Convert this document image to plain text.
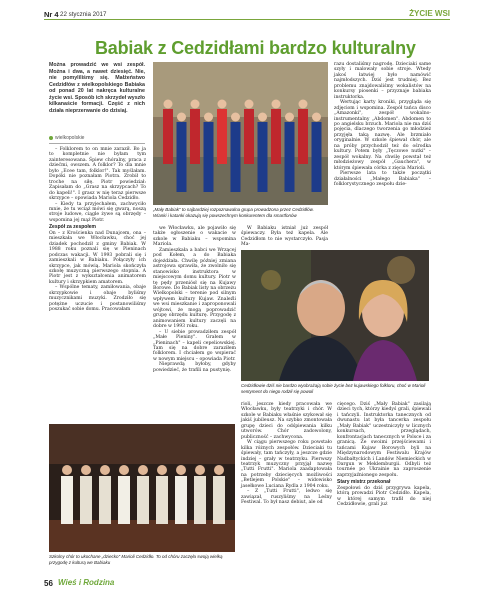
Nr 4 22 stycznia 2017	ŻYCIE WSI
Babiak z Cedzidłami bardzo kulturalny
Można prowadzić we wsi zespół. Można i dwa, a nawet dziesięć. Nie, nie pomyliliśmy się. Małżeństwo Cedzidłów z wielkopolskiego Babiaka od ponad 20 lat nakręca kulturalne życie wsi. Sposób ich skrzydeł wyszło kilkanaście formacji. Część z nich działa nieprzerwanie do dzisiaj.
wielkopolskie

– Folklorem to on mnie zaraził. Bo ja to kompletnie nie byłam tym zainteresowana. Śpiew chóralny, praca z dziećmi, owszem. A folklor? To dla mnie było „Ecee tam, folklor!". Tak myślałam. Dopóki nie poznałam Piotra. Zrobił to troche na siłę. Piotr powiedział: Zapisałam do „Grasz na skrzypcach? To do kapeli!". I grasz w nię teraz pierwsze skrzypce – opowiada Mariola Cedzidło.

– Kiedy ta przyjechałem, zachwyciło mnie, że tu wciąż mówi się gwarą, noszą stroje ludowe, ciągle żywe są obrzędy – wspomina jej mąż Piotr.

Zespół za zespołem

On – z Krościenka nad Dunajcem, ona – mieszkała we Włocławku, choć jej dziadek pochodził z gminy Babiak. W 1988 roku poznali się w Pieninach podczas wakacji. W 1993 pobrali się i zamieszkali w Babiaku. Połączyły ich skrzypce, jak mówią. Mariola skończyła szkołę muzyczną pierwszego stopnia. A Piotr jest z wykształcenia animatorem kultury i skrzypkiem amatorem.

– Wspólne tematy, zamiłowania, obaje skrzypkowie i obaje byliśmy muzycznikami muzyki. Zrodziło się potężne uczucie i postanowiliśmy poszukać sobie domu. Pracowałam

„Mały Babiak" to najbardziej rozpoznawalna grupa prowadzona przez Cedzidłów. Wianki i katanki okazują się powszechnym konkurentem dla smartfonów

we Włocławku, ale pojawiło się także ogłoszenie o wakacie w szkole w Babiaku – wspomina Mariola.

Zamieszkała a babci we Wrzącej pod Kołem, a do Babiaka dojeżdżała. Chwilę później zmiana astrojowa sprawiła, że zwolniło się stanowisko instruktora w miejscowym domu kultury. Piotr w tę pędy przeniósł się na Kujawy Borowe. Do Babiak listy na obrzeżu Wielkopolski – terenie pod silnym wpływem kultury Kujaw. Znaleźli we wsi mieszkanie i zaproponowali wójtowi, że mogą poprowadzić grupę obrzędu kulturę. Przygodę z animowaniem kultury zaczęli na dobre w 1993 roku.

– U siebie prowadziłem zespół „Małe Pieniny". Grałem w „Pieninach" – kapeli cepeliowskiej. Tam się na dobre zaraziłem folklorem. I chciałem go wspierać w nowym miejscu – opowiada Piotr.

Nieprawdą byłoby, gdyby powiedzieć, że trafili na pustynię.

W Babiaku istniał już zespół śpiewaczy. Była też kapela. Ale Cedzidłom to nie wystarczyło. Pasja Ma-

Cedzidłowie dziś nie bardzo wyobrażają sobie życie bez kujawskiego folkloru, choć w Marioli sentyment do niego rodził się powoli

razu dostaliśmy nagrodę. Dzieciaki same szyły i malowały sobie stroje. Wtedy jakoś łatwiej było namówić najmłodszych. Dziś jest trudniej. Bez problemu znajdowaliśmy wokalistów na konkursy piosenki – przyznaje babiaka instruktorka.

Wertując karty kroniki, przygląda się zdjęciom i wspomina. Zespół tańca disco „Amazonki", zespół wokalno-instrumentalny „Abdomen". Abdomen to po angielsku brzuch. Mariola nie ma dziś pojęcia, dlaczego tworzenia go młodzież przyjęła taką nazwę. Ale brzmiało oryginalnie. W szkole śpiewał chór, ale na próby przychodził też do ośrodka kultury. Potem były „Tęczowe nutki" – zespół wokalny. Na chwilę powstał też młodzieżowy zespół „Gauchera", w którym śpiewała córka z zięcia Marioli.

Pierwsze lata to także początki działalności „Małego Babiaka" – folklorystycznego zespołu dzie-

rioli, jeszcze kiedy pracowała we Włocławku, były teatrzyki i chór. W szkole w Babiaku właśnie szykował się jakiś jubileusz. Na szybko zmontowała grupę dzieci do odśpiewania kilku utworów. Chór zadowolony, publiczność – zachwycona.

W ciągu pierwszego roku powstało kilka różnych zespołów. Dzieciaki tu śpiewały, tam tańczyły, a jeszcze gdzie indziej – grały w teatrzyku. Pierwszy teatrzyk muzyczny przyjął nazwę „Tutti Frutti". Mariola zaadaptowała na potrzeby dziecięcych możliwości „Betlejem Polskie" – widowisko jasełkowe Luciana Rydla z 1904 roku.

– Z „Tutti Frutti", ledwo się zawiązał, ruszyliśmy na Leśny Festiwal. To był nasz debiut, ale od

cięcego. Dziś „Mały Babiak" zasilają dzieci tych, którzy kiedyś grali, śpiewali i tańczyli. Instruktorka tanecznych od dwunastu lat była tancerka zespołu „Mały Babiak" uczestniczyły w licznych konkursach, przeglądach, konfrontacjach tanecznych w Polsce i za granicą. Ze swoimi przejściewami i tańcami Kujaw Borowych byli na Międzynarodowym Festiwalu Krajów Nadbałtyckich i Landów Niemieckich w Dargun w Meklemburgii. Odbyli też tournée po Ukrainie na zaproszenie zaprzyjaźnionego zespołu.

Stary mistrz przekonał

Zespołowi do dziś przygrywa kapela, którą prowadzi Piotr Cedzidło. Kapela, w której samym trafił do niej Cedzidłowie, grali już

Szkolny chór to ukochane „dziecko" Marioli Cedzidło. To od chóru zaczęła swoją wielką przygodę z kulturą we Babiaku
56 Wieś i Rodzina
